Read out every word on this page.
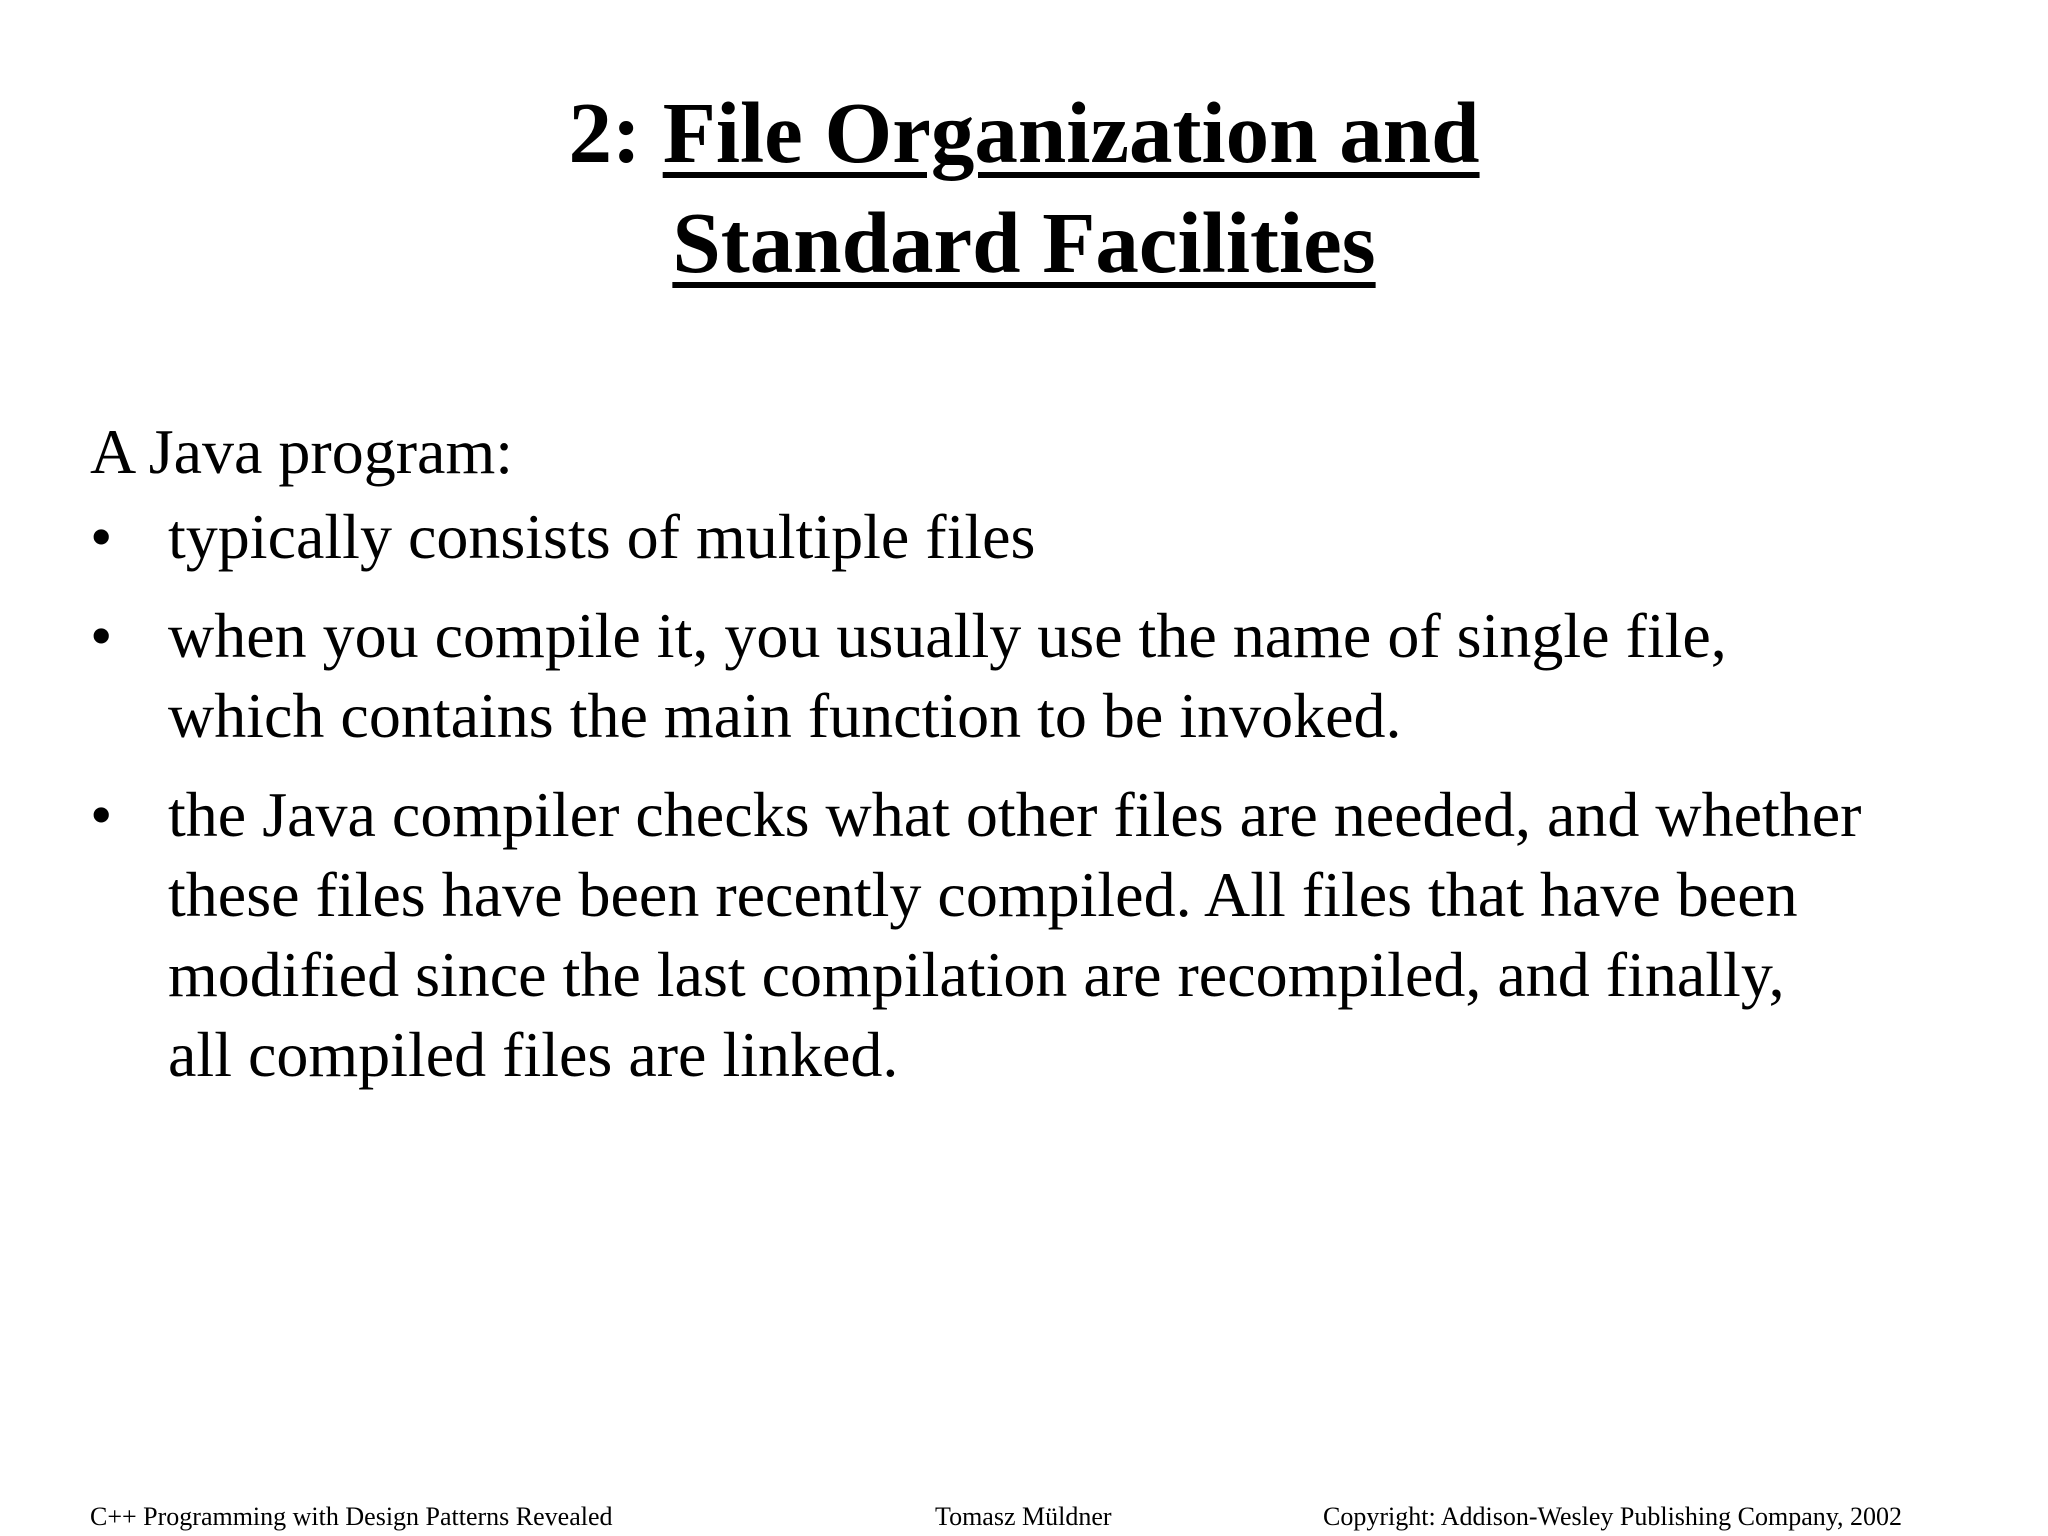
2: File Organization and
Standard Facilities
A Java program:
• typically consists of multiple files
• when you compile it, you usually use the name of single file,
which contains the main function to be invoked.
• the Java compiler checks what other files are needed, and whether
these files have been recently compiled. All files that have been
modified since the last compilation are recompiled, and finally,
all compiled files are linked.
C++ Programming with Design Patterns Revealed	Tomasz Müldner	Copyright: Addison-Wesley Publishing Company, 2002
